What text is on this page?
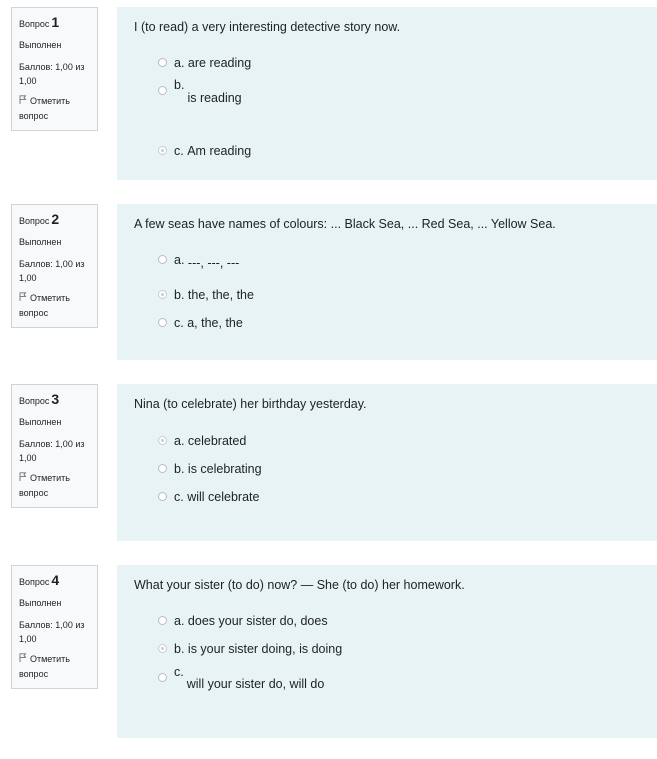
Вопрос 1
Выполнен
Баллов: 1,00 из 1,00
Отметить вопрос
I (to read) a very interesting detective story now.
a.
are reading
b.
is reading
c.
Am reading
Вопрос 2
Выполнен
Баллов: 1,00 из 1,00
Отметить вопрос
A few seas have names of colours: ... Black Sea, ... Red Sea, ... Yellow Sea.
a.
---, ---, ---
b.
the, the, the
c.
a, the, the
Вопрос 3
Выполнен
Баллов: 1,00 из 1,00
Отметить вопрос
Nina (to celebrate) her birthday yesterday.
a.
celebrated
b.
is celebrating
c.
will celebrate
Вопрос 4
Выполнен
Баллов: 1,00 из 1,00
Отметить вопрос
What your sister (to do) now? — She (to do) her homework.
a.
does your sister do, does
b.
is your sister doing, is doing
c.
will your sister do, will do
